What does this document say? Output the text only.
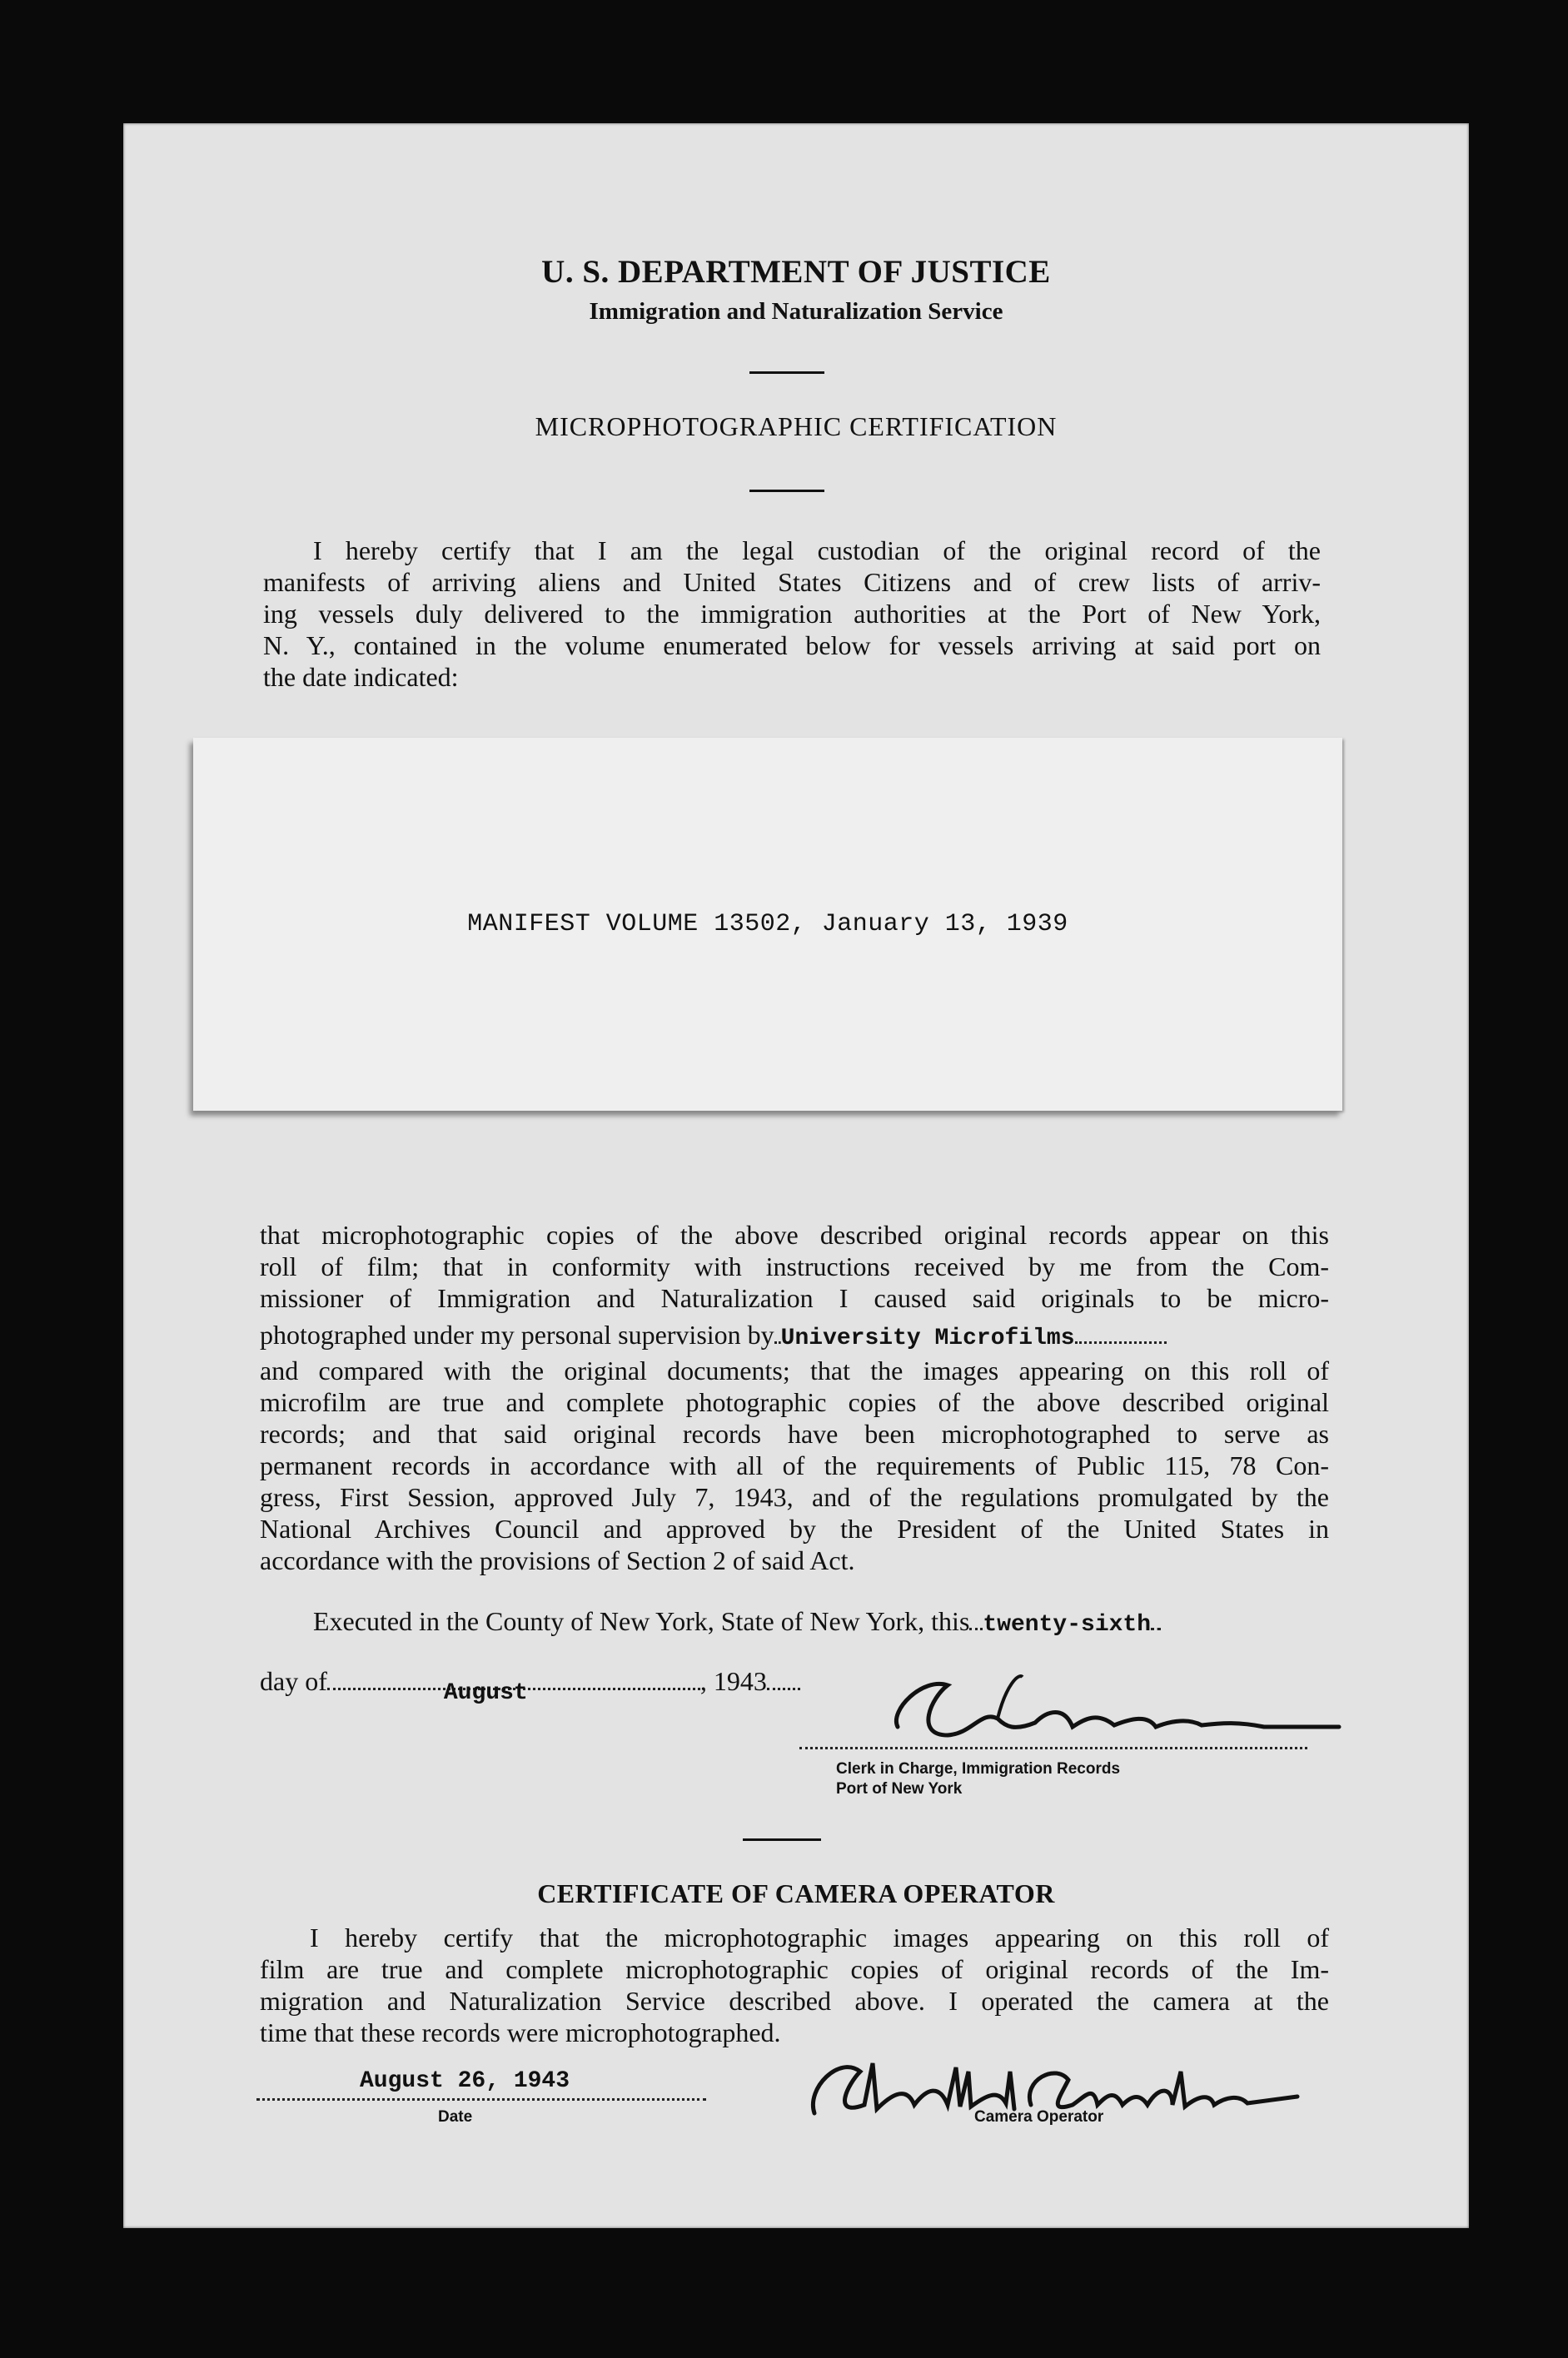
U. S. DEPARTMENT OF JUSTICE
Immigration and Naturalization Service
MICROPHOTOGRAPHIC CERTIFICATION
I hereby certify that I am the legal custodian of the original record of the
manifests of arriving aliens and United States Citizens and of crew lists of arriv-
ing vessels duly delivered to the immigration authorities at the Port of New York,
N. Y., contained in the volume enumerated below for vessels arriving at said port on
the date indicated:
MANIFEST VOLUME 13502, January 13, 1939
that microphotographic copies of the above described original records appear on this
roll of film; that in conformity with instructions received by me from the Com-
missioner of Immigration and Naturalization I caused said originals to be micro-
photographed under my personal supervision by University Microfilms
and compared with the original documents; that the images appearing on this roll of
microfilm are true and complete photographic copies of the above described original
records; and that said original records have been microphotographed to serve as
permanent records in accordance with all of the requirements of Public 115, 78 Con-
gress, First Session, approved July 7, 1943, and of the regulations promulgated by the
National Archives Council and approved by the President of the United States in
accordance with the provisions of Section 2 of said Act.
Executed in the County of New York, State of New York, this twenty-sixth
day of	August	, 1943
Clerk in Charge, Immigration Records
Port of New York
CERTIFICATE OF CAMERA OPERATOR
I hereby certify that the microphotographic images appearing on this roll of
film are true and complete microphotographic copies of original records of the Im-
migration and Naturalization Service described above. I operated the camera at the
time that these records were microphotographed.
August 26, 1943
Date	Camera Operator
